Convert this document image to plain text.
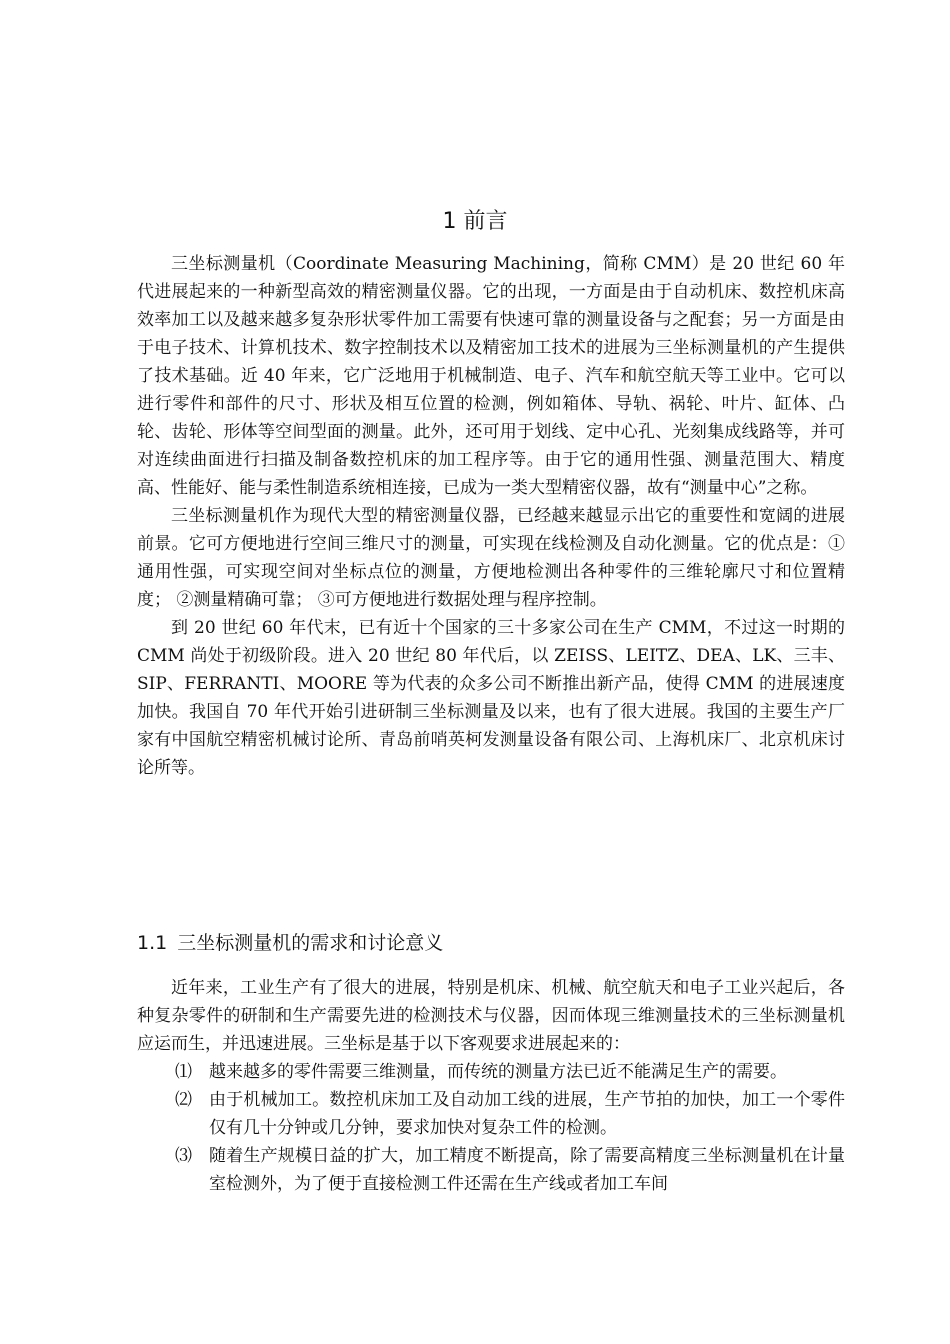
1 前言

三坐标测量机（Coordinate Measuring Machining，简称 CMM）是 20 世纪 60 年代进展起来的一种新型高效的精密测量仪器。它的出现，一方面是由于自动机床、数控机床高效率加工以及越来越多复杂形状零件加工需要有快速可靠的测量设备与之配套；另一方面是由于电子技术、计算机技术、数字控制技术以及精密加工技术的进展为三坐标测量机的产生提供了技术基础。近 40 年来，它广泛地用于机械制造、电子、汽车和航空航天等工业中。它可以进行零件和部件的尺寸、形状及相互位置的检测，例如箱体、导轨、祸轮、叶片、缸体、凸轮、齿轮、形体等空间型面的测量。此外，还可用于划线、定中心孔、光刻集成线路等，并可对连续曲面进行扫描及制备数控机床的加工程序等。由于它的通用性强、测量范围大、精度高、性能好、能与柔性制造系统相连接，已成为一类大型精密仪器，故有“测量中心”之称。

三坐标测量机作为现代大型的精密测量仪器，已经越来越显示出它的重要性和宽阔的进展前景。它可方便地进行空间三维尺寸的测量，可实现在线检测及自动化测量。它的优点是：①通用性强，可实现空间对坐标点位的测量，方便地检测出各种零件的三维轮廓尺寸和位置精度； ②测量精确可靠； ③可方便地进行数据处理与程序控制。

到 20 世纪 60 年代末，已有近十个国家的三十多家公司在生产 CMM，不过这一时期的 CMM 尚处于初级阶段。进入 20 世纪 80 年代后，以 ZEISS、LEITZ、DEA、LK、三丰、SIP、FERRANTI、MOORE 等为代表的众多公司不断推出新产品，使得 CMM 的进展速度加快。我国自 70 年代开始引进研制三坐标测量及以来，也有了很大进展。我国的主要生产厂家有中国航空精密机械讨论所、青岛前哨英柯发测量设备有限公司、上海机床厂、北京机床讨论所等。

1.1 三坐标测量机的需求和讨论意义

近年来，工业生产有了很大的进展，特别是机床、机械、航空航天和电子工业兴起后，各种复杂零件的研制和生产需要先进的检测技术与仪器，因而体现三维测量技术的三坐标测量机应运而生，并迅速进展。三坐标是基于以下客观要求进展起来的：

⑴ 越来越多的零件需要三维测量，而传统的测量方法已近不能满足生产的需要。
⑵ 由于机械加工。数控机床加工及自动加工线的进展，生产节拍的加快，加工一个零件仅有几十分钟或几分钟，要求加快对复杂工件的检测。
⑶ 随着生产规模日益的扩大，加工精度不断提高，除了需要高精度三坐标测量机在计量室检测外，为了便于直接检测工件还需在生产线或者加工车间
